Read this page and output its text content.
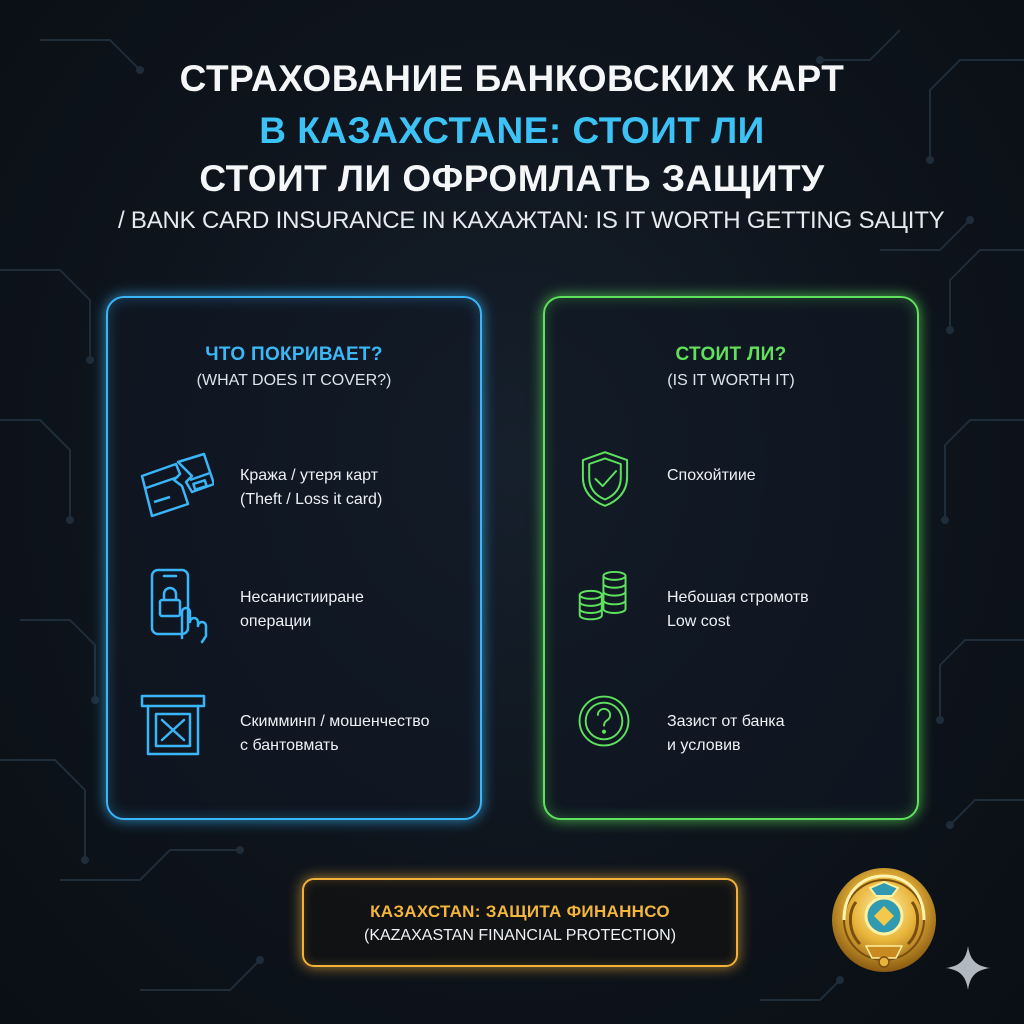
СТРАХОВАНИЕ БАНКОВСКИХ КАРТ
В КАЗАХСТАNE: СТОИТ ЛИ
СТОИТ ЛИ ОФРОМЛАТЬ ЗАЩИТУ
/ BANK CARD INSURANCE IN KAXAЖTAN: IS IT WORTH GETTING SAЦITY
ЧТО ПОКРИВАЕТ?
(WHAT DOES IT COVER?)
Кража / утеря карт
(Theft / Loss it card)
Несанистииране
операции
Скимминп / мошенчество
с бантовмать
СТОИТ ЛИ?
(IS IT WORTH IT)
Спохойтиие
Небошая стромотв
Low cost
Зазист от банка
и условив
КАЗАХСТАN: ЗАЩИТА ФИНАННСО
(KAZAXASTAN FINANCIAL PROTECTION)
